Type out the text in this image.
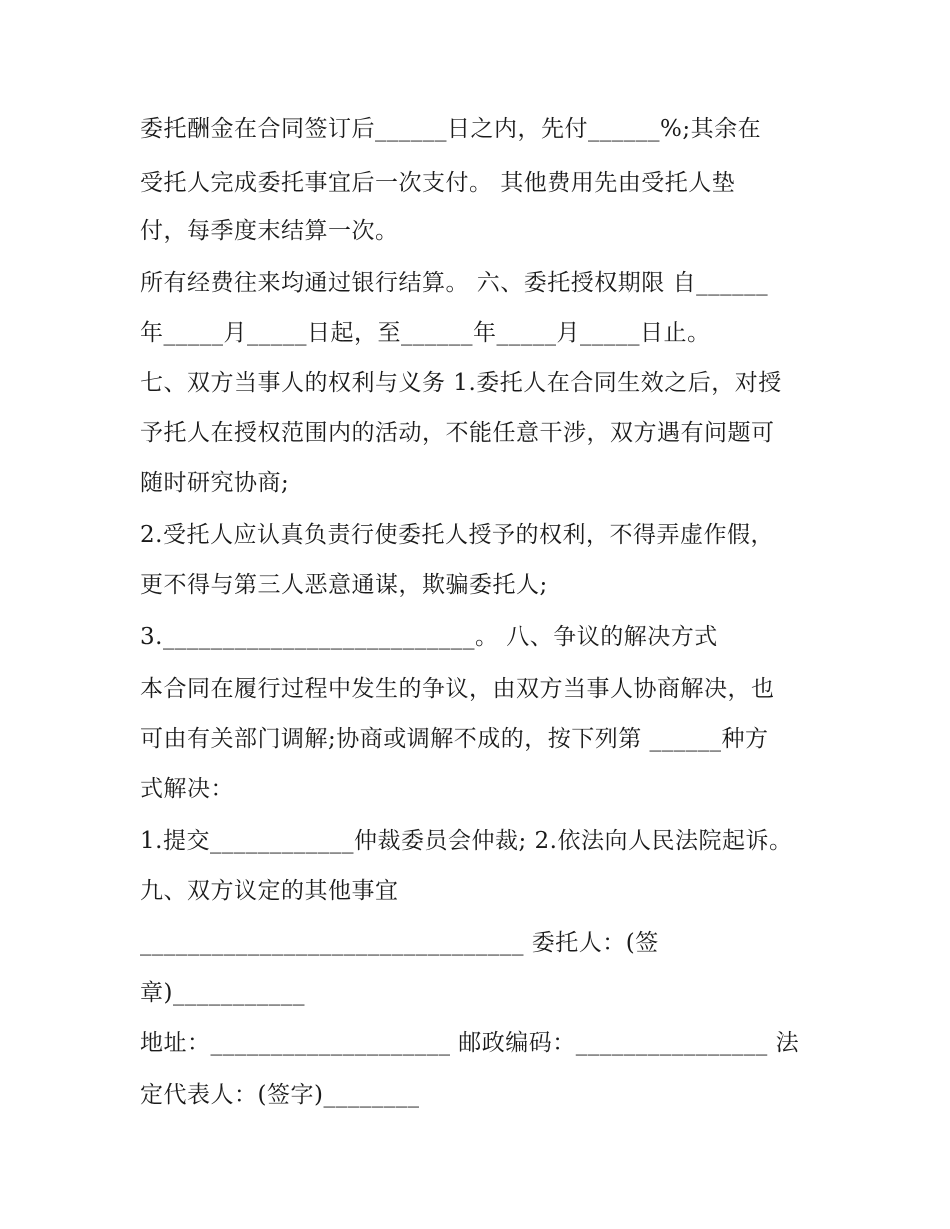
委托酬金在合同签订后______日之内，先付______%;其余在
受托人完成委托事宜后一次支付。 其他费用先由受托人垫
付，每季度末结算一次。
所有经费往来均通过银行结算。 六、委托授权期限 自______
年_____月_____日起，至______年_____月_____日止。
七、双方当事人的权利与义务 1.委托人在合同生效之后，对授
予托人在授权范围内的活动，不能任意干涉，双方遇有问题可
随时研究协商;
2.受托人应认真负责行使委托人授予的权利，不得弄虚作假，
更不得与第三人恶意通谋，欺骗委托人;
3.__________________________。 八、争议的解决方式
本合同在履行过程中发生的争议，由双方当事人协商解决，也
可由有关部门调解;协商或调解不成的，按下列第 ______种方
式解决：
1.提交____________仲裁委员会仲裁; 2.依法向人民法院起诉。
九、双方议定的其他事宜
________________________________ 委托人：(签
章)___________
地址：____________________ 邮政编码：________________ 法
定代表人：(签字)________
